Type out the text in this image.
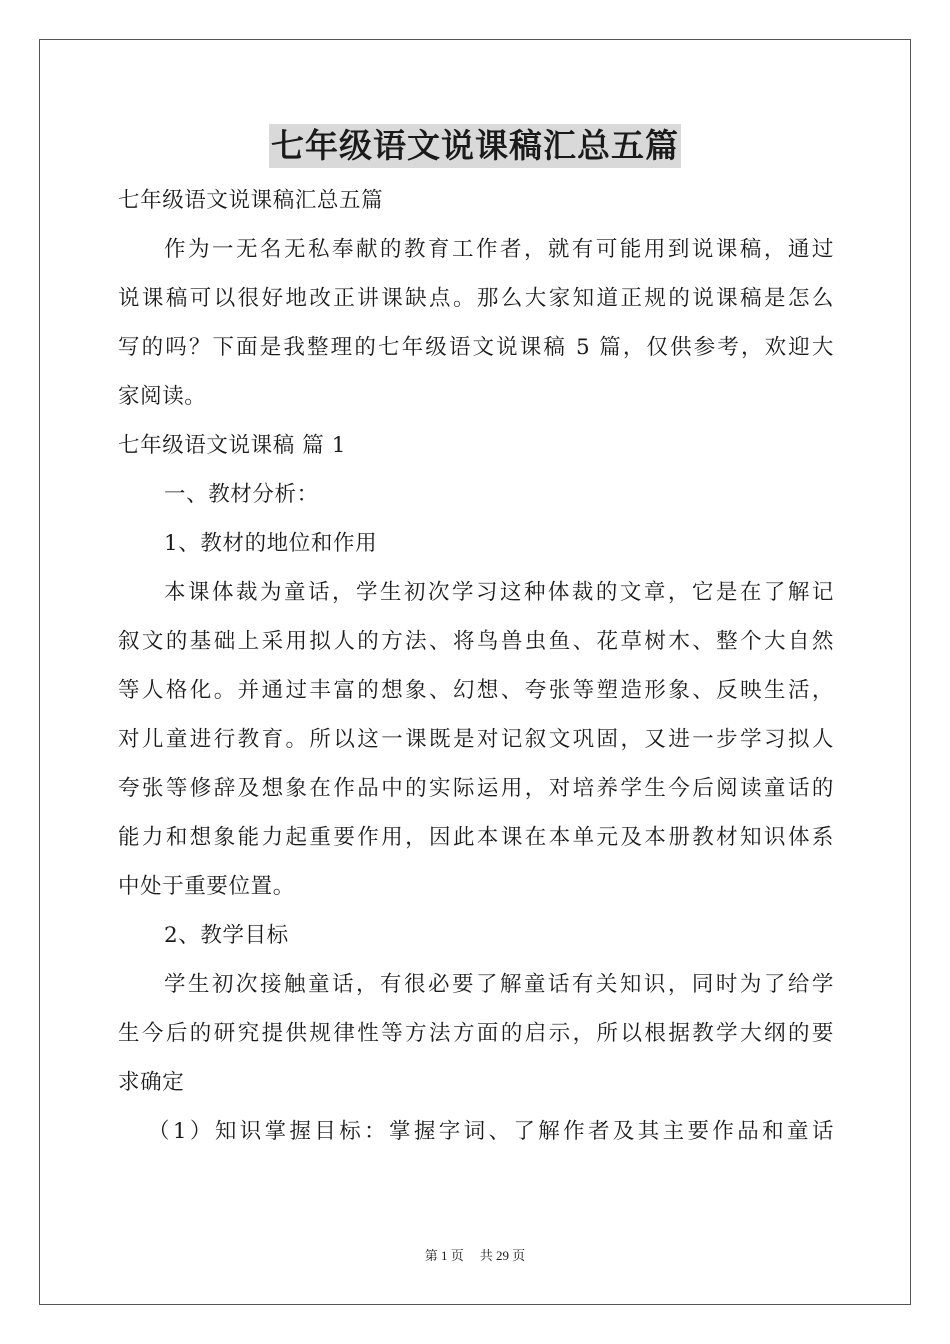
七年级语文说课稿汇总五篇
七年级语文说课稿汇总五篇
作为一无名无私奉献的教育工作者，就有可能用到说课稿，通过
说课稿可以很好地改正讲课缺点。那么大家知道正规的说课稿是怎么
写的吗？下面是我整理的七年级语文说课稿 5 篇，仅供参考，欢迎大
家阅读。
七年级语文说课稿 篇 1
一、教材分析：
1、教材的地位和作用
本课体裁为童话，学生初次学习这种体裁的文章，它是在了解记
叙文的基础上采用拟人的方法、将鸟兽虫鱼、花草树木、整个大自然
等人格化。并通过丰富的想象、幻想、夸张等塑造形象、反映生活，
对儿童进行教育。所以这一课既是对记叙文巩固，又进一步学习拟人
夸张等修辞及想象在作品中的实际运用，对培养学生今后阅读童话的
能力和想象能力起重要作用，因此本课在本单元及本册教材知识体系
中处于重要位置。
2、教学目标
学生初次接触童话，有很必要了解童话有关知识，同时为了给学
生今后的研究提供规律性等方法方面的启示，所以根据教学大纲的要
求确定
（1）知识掌握目标：掌握字词、了解作者及其主要作品和童话
第 1 页 共 29 页
